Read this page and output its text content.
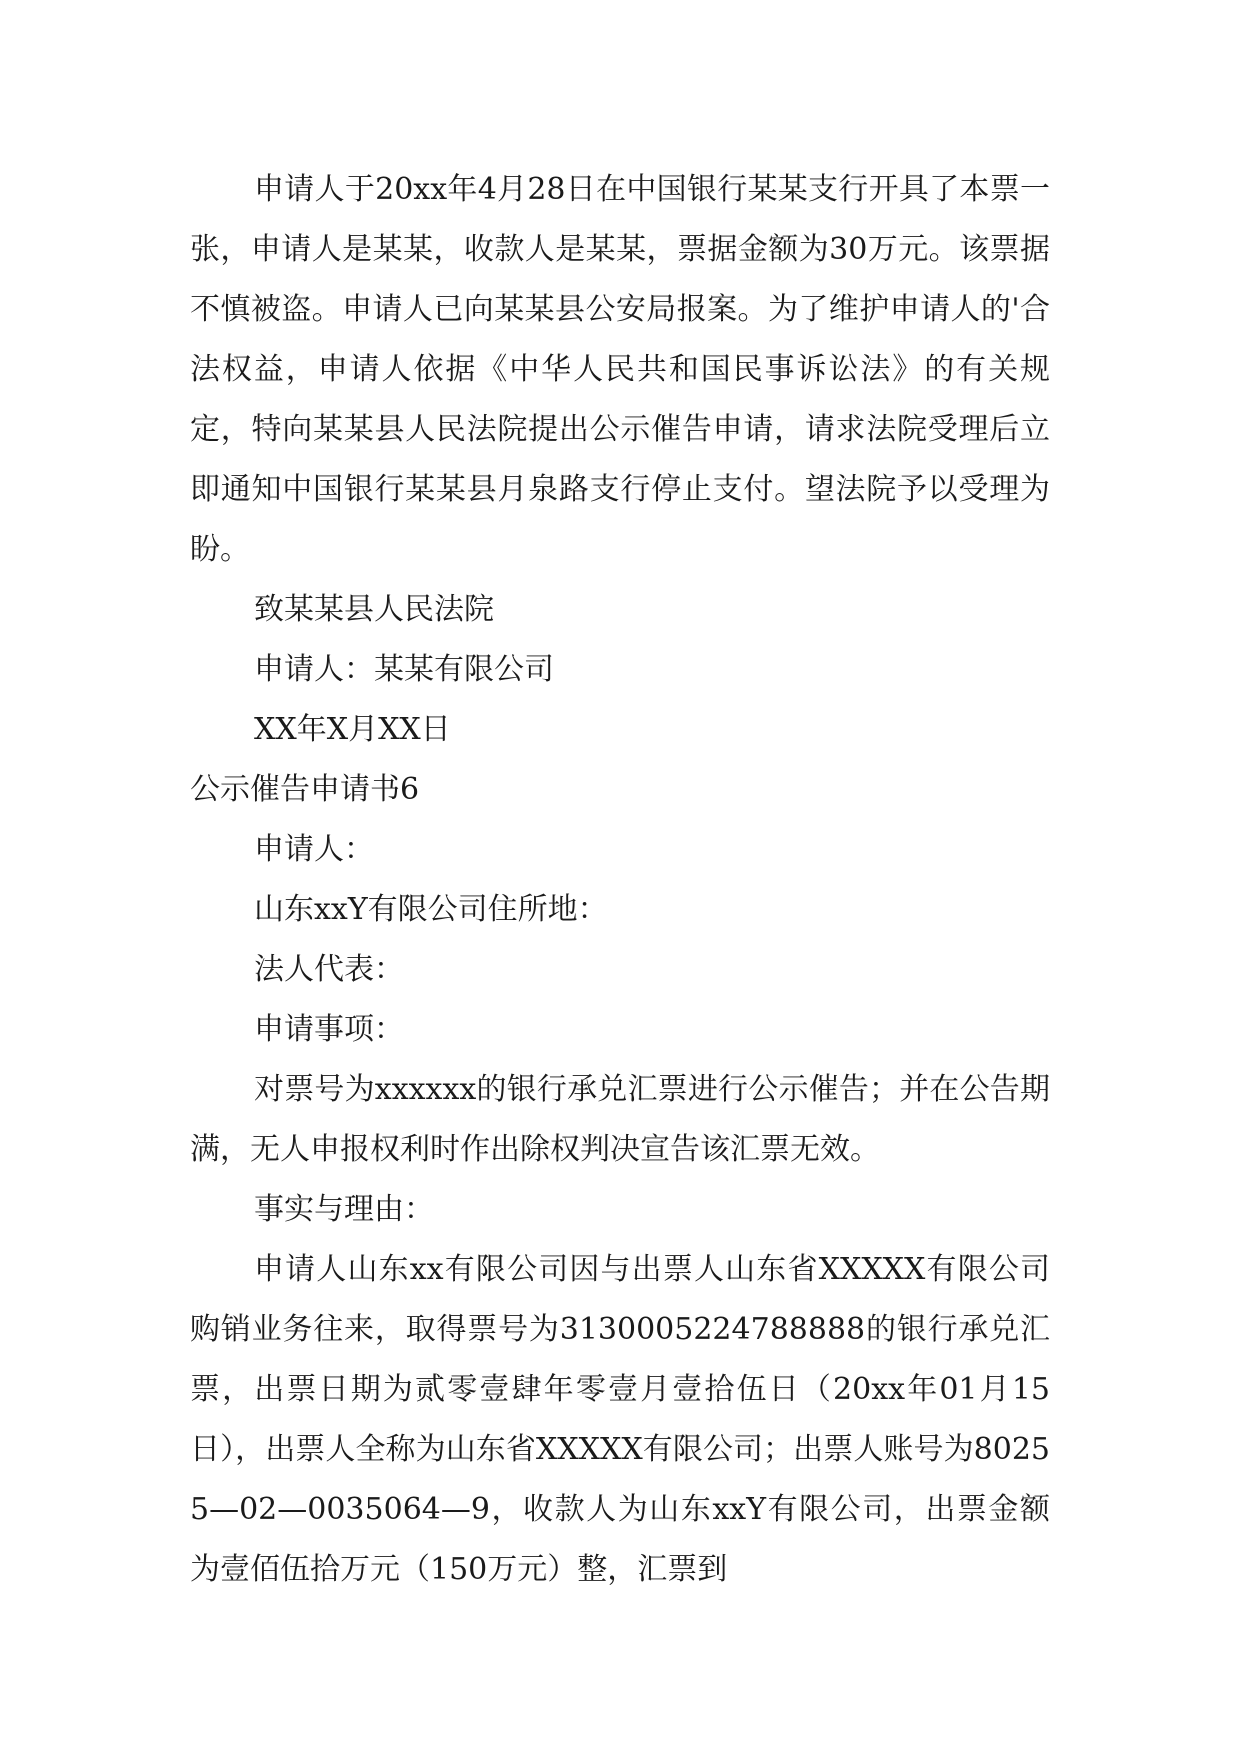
申请人于20xx年4月28日在中国银行某某支行开具了本票一张，申请人是某某，收款人是某某，票据金额为30万元。该票据不慎被盗。申请人已向某某县公安局报案。为了维护申请人的'合法权益，申请人依据《中华人民共和国民事诉讼法》的有关规定，特向某某县人民法院提出公示催告申请，请求法院受理后立即通知中国银行某某县月泉路支行停止支付。望法院予以受理为盼。

致某某县人民法院

申请人：某某有限公司

XX年X月XX日

公示催告申请书6

申请人：

山东xxY有限公司住所地：

法人代表：

申请事项：

对票号为xxxxxx的银行承兑汇票进行公示催告；并在公告期满，无人申报权利时作出除权判决宣告该汇票无效。

事实与理由：

申请人山东xx有限公司因与出票人山东省XXXXX有限公司购销业务往来，取得票号为3130005224788888的银行承兑汇票，出票日期为贰零壹肆年零壹月壹拾伍日（20xx年01月15日），出票人全称为山东省XXXXX有限公司；出票人账号为80255—02—0035064—9，收款人为山东xxY有限公司，出票金额为壹佰伍拾万元（150万元）整，汇票到
